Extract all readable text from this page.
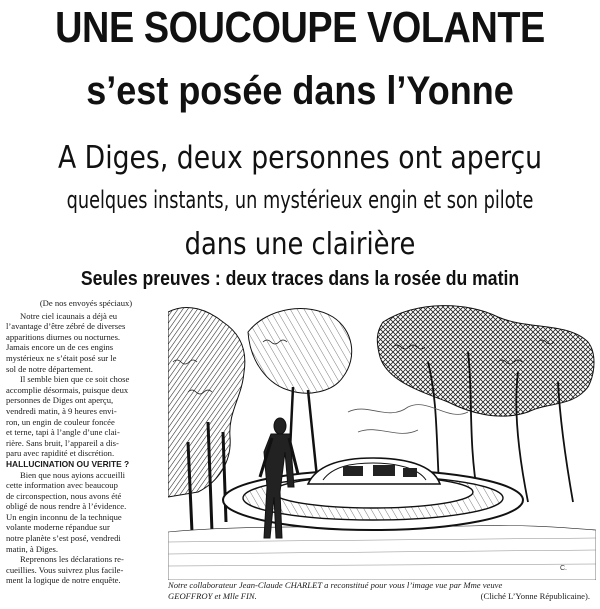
UNE SOUCOUPE VOLANTE
s’est posée dans l’Yonne
A Diges, deux personnes ont aperçu
quelques instants, un mystérieux engin et son pilote
dans une clairière
Seules preuves : deux traces dans la rosée du matin

(De nos envoyés spéciaux)

Notre ciel icaunais a déjà eu
l’avantage d’être zébré de diverses
apparitions diurnes ou nocturnes.
Jamais encore un de ces engins
mystérieux ne s’était posé sur le
sol de notre département.

Il semble bien que ce soit chose
accomplie désormais, puisque deux
personnes de Diges ont aperçu,
vendredi matin, à 9 heures envi-
ron, un engin de couleur foncée
et terne, tapi à l’angle d’une clai-
rière. Sans bruit, l’appareil a dis-
paru avec rapidité et discrétion.

HALLUCINATION OU VERITE ?

Bien que nous ayions accueilli
cette information avec beaucoup
de circonspection, nous avons été
obligé de nous rendre à l’évidence.
Un engin inconnu de la technique
volante moderne répandue sur
notre planète s’est posé, vendredi
matin, à Diges.

Reprenons les déclarations re-
cueillies. Vous suivrez plus facile-
ment la logique de notre enquête.

C.
Notre collaborateur Jean-Claude CHARLET a reconstitué pour vous l’image vue par Mme veuve
GEOFFROY et Mlle FIN.	(Cliché L’Yonne Républicaine).
